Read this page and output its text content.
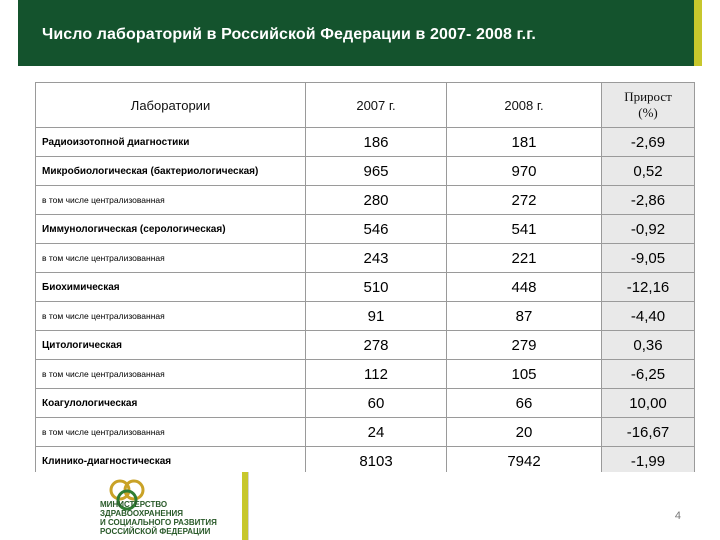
Число лабораторий в Российской Федерации в 2007- 2008 г.г.
Лаборатории	2007 г.	2008 г.	Прирост
(%)

Радиоизотопной диагностики	186	181	-2,69
Микробиологическая (бактериологическая)	965	970	0,52
в том числе централизованная	280	272	-2,86
Иммунологическая (серологическая)	546	541	-0,92
в том числе централизованная	243	221	-9,05
Биохимическая	510	448	-12,16
в том числе централизованная	91	87	-4,40
Цитологическая	278	279	0,36
в том числе централизованная	112	105	-6,25
Коагулологическая	60	66	10,00
в том числе централизованная	24	20	-16,67
Клинико-диагностическая	8103	7942	-1,99
МИНИСТЕРСТВО
ЗДРАВООХРАНЕНИЯ
И СОЦИАЛЬНОГО РАЗВИТИЯ
РОССИЙСКОЙ ФЕДЕРАЦИИ
4
